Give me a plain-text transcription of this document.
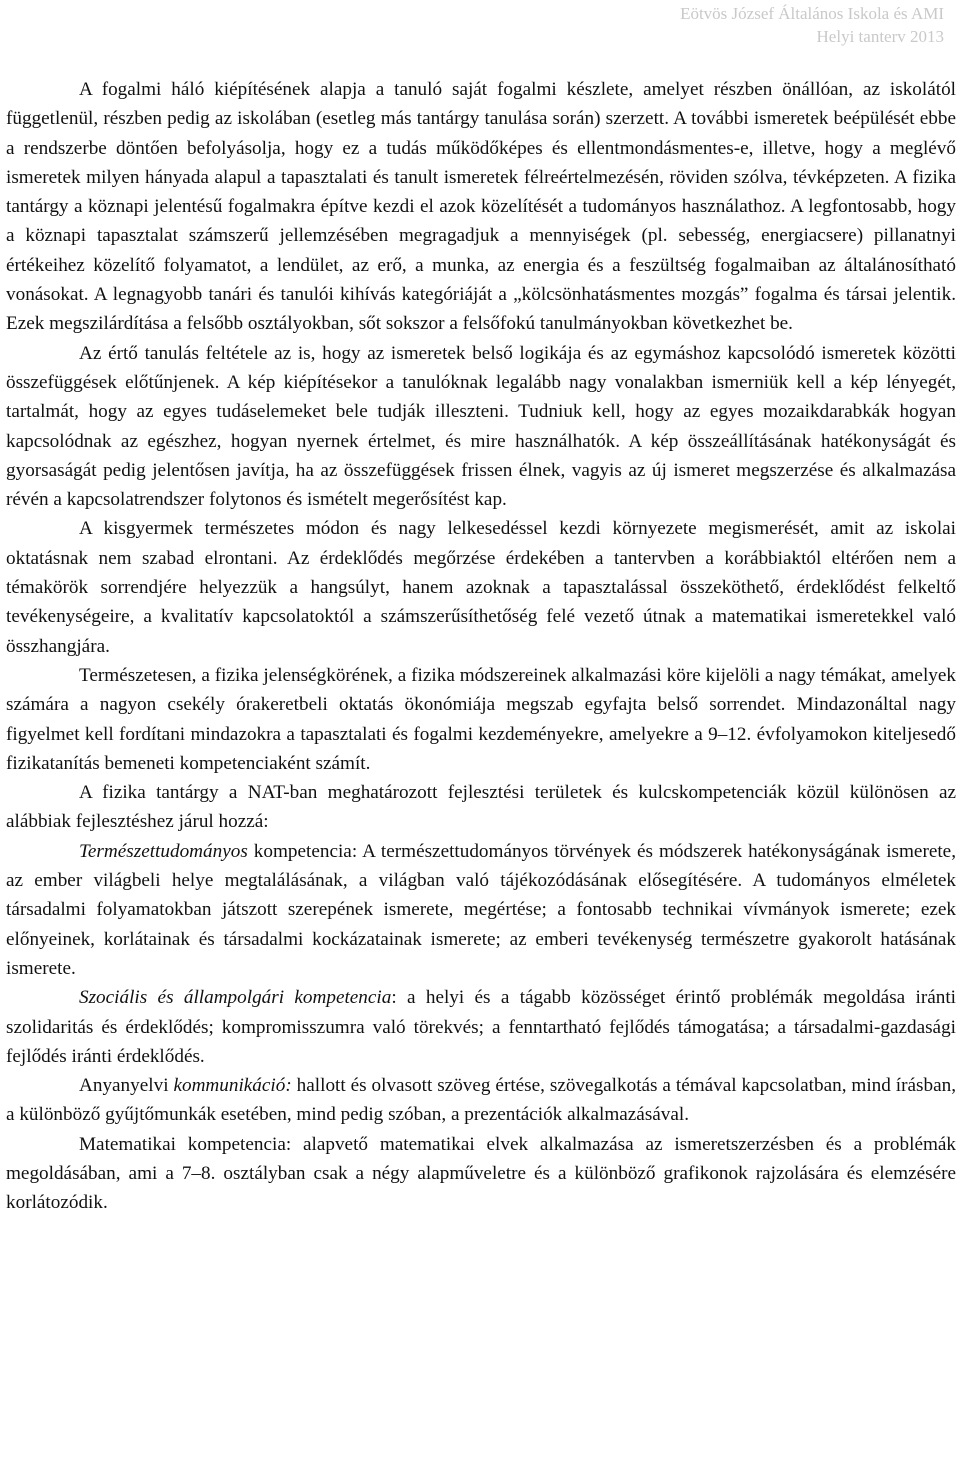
Eötvös József Általános Iskola és AMI
Helyi tanterv 2013

A fogalmi háló kiépítésének alapja a tanuló saját fogalmi készlete, amelyet részben önállóan, az iskolától függetlenül, részben pedig az iskolában (esetleg más tantárgy tanulása során) szerzett. A további ismeretek beépülését ebbe a rendszerbe döntően befolyásolja, hogy ez a tudás működőképes és ellentmondásmentes-e, illetve, hogy a meglévő ismeretek milyen hányada alapul a tapasztalati és tanult ismeretek félreértelmezésén, röviden szólva, tévképzeten. A fizika tantárgy a köznapi jelentésű fogalmakra építve kezdi el azok közelítését a tudományos használathoz. A legfontosabb, hogy a köznapi tapasztalat számszerű jellemzésében megragadjuk a mennyiségek (pl. sebesség, energiacsere) pillanatnyi értékeihez közelítő folyamatot, a lendület, az erő, a munka, az energia és a feszültség fogalmaiban az általánosítható vonásokat. A legnagyobb tanári és tanulói kihívás kategóriáját a „kölcsönhatásmentes mozgás” fogalma és társai jelentik. Ezek megszilárdítása a felsőbb osztályokban, sőt sokszor a felsőfokú tanulmányokban következhet be.

Az értő tanulás feltétele az is, hogy az ismeretek belső logikája és az egymáshoz kapcsolódó ismeretek közötti összefüggések előtűnjenek. A kép kiépítésekor a tanulóknak legalább nagy vonalakban ismerniük kell a kép lényegét, tartalmát, hogy az egyes tudáselemeket bele tudják illeszteni. Tudniuk kell, hogy az egyes mozaikdarabkák hogyan kapcsolódnak az egészhez, hogyan nyernek értelmet, és mire használhatók. A kép összeállításának hatékonyságát és gyorsaságát pedig jelentősen javítja, ha az összefüggések frissen élnek, vagyis az új ismeret megszerzése és alkalmazása révén a kapcsolatrendszer folytonos és ismételt megerősítést kap.

A kisgyermek természetes módon és nagy lelkesedéssel kezdi környezete megismerését, amit az iskolai oktatásnak nem szabad elrontani. Az érdeklődés megőrzése érdekében a tantervben a korábbiaktól eltérően nem a témakörök sorrendjére helyezzük a hangsúlyt, hanem azoknak a tapasztalással összeköthető, érdeklődést felkeltő tevékenységeire, a kvalitatív kapcsolatoktól a számszerűsíthetőség felé vezető útnak a matematikai ismeretekkel való összhangjára.

Természetesen, a fizika jelenségkörének, a fizika módszereinek alkalmazási köre kijelöli a nagy témákat, amelyek számára a nagyon csekély órakeretbeli oktatás ökonómiája megszab egyfajta belső sorrendet. Mindazonáltal nagy figyelmet kell fordítani mindazokra a tapasztalati és fogalmi kezdeményekre, amelyekre a 9–12. évfolyamokon kiteljesedő fizikatanítás bemeneti kompetenciaként számít.

A fizika tantárgy a NAT-ban meghatározott fejlesztési területek és kulcskompetenciák közül különösen az alábbiak fejlesztéshez járul hozzá:

Természettudományos kompetencia: A természettudományos törvények és módszerek hatékonyságának ismerete, az ember világbeli helye megtalálásának, a világban való tájékozódásának elősegítésére. A tudományos elméletek társadalmi folyamatokban játszott szerepének ismerete, megértése; a fontosabb technikai vívmányok ismerete; ezek előnyeinek, korlátainak és társadalmi kockázatainak ismerete; az emberi tevékenység természetre gyakorolt hatásának ismerete.

Szociális és állampolgári kompetencia: a helyi és a tágabb közösséget érintő problémák megoldása iránti szolidaritás és érdeklődés; kompromisszumra való törekvés; a fenntartható fejlődés támogatása; a társadalmi-gazdasági fejlődés iránti érdeklődés.

Anyanyelvi kommunikáció: hallott és olvasott szöveg értése, szövegalkotás a témával kapcsolatban, mind írásban, a különböző gyűjtőmunkák esetében, mind pedig szóban, a prezentációk alkalmazásával.

Matematikai kompetencia: alapvető matematikai elvek alkalmazása az ismeretszerzésben és a problémák megoldásában, ami a 7–8. osztályban csak a négy alapműveletre és a különböző grafikonok rajzolására és elemzésére korlátozódik.
